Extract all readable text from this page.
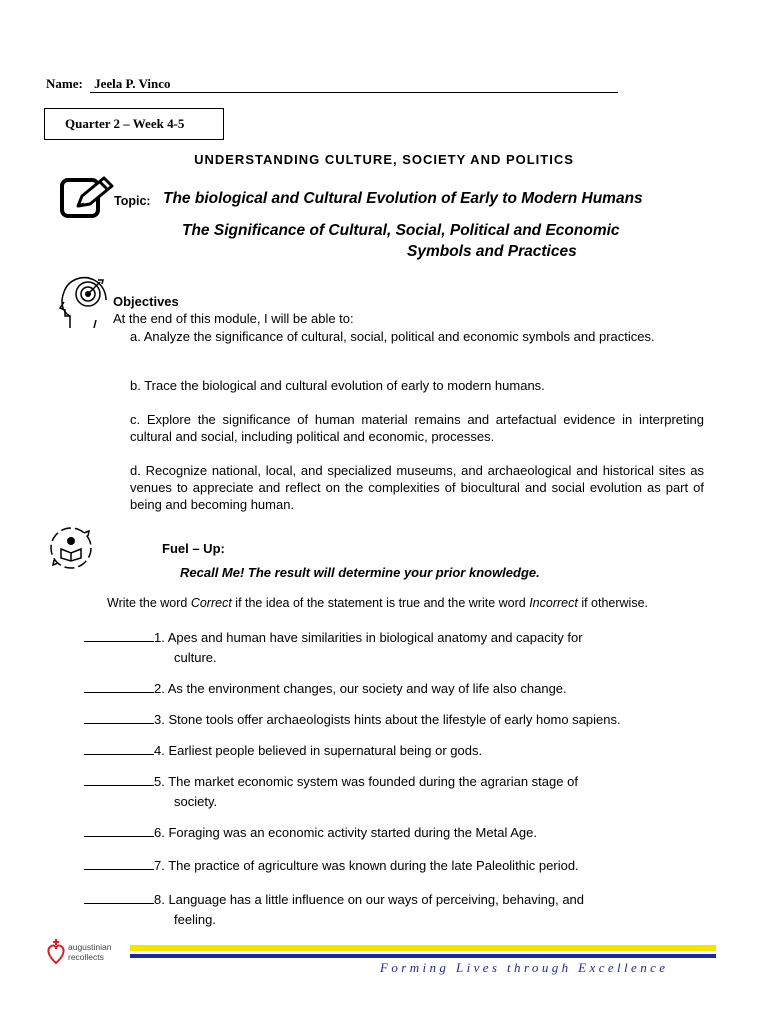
Name: Jeela P. Vinco
Quarter 2 – Week 4-5
UNDERSTANDING CULTURE, SOCIETY AND POLITICS
Topic: The biological and Cultural Evolution of Early to Modern Humans
The Significance of Cultural, Social, Political and Economic
Symbols and Practices
Objectives
At the end of this module, I will be able to:
a. Analyze the significance of cultural, social, political and economic symbols and practices.
b. Trace the biological and cultural evolution of early to modern humans.
c. Explore the significance of human material remains and artefactual evidence in interpreting cultural and social, including political and economic, processes.
d. Recognize national, local, and specialized museums, and archaeological and historical sites as venues to appreciate and reflect on the complexities of biocultural and social evolution as part of being and becoming human.
Fuel – Up:
Recall Me! The result will determine your prior knowledge.
Write the word Correct if the idea of the statement is true and the write word Incorrect if otherwise.
1. Apes and human have similarities in biological anatomy and capacity for
culture.
2. As the environment changes, our society and way of life also change.
3. Stone tools offer archaeologists hints about the lifestyle of early homo sapiens.
4. Earliest people believed in supernatural being or gods.
5. The market economic system was founded during the agrarian stage of
society.
6. Foraging was an economic activity started during the Metal Age.
7. The practice of agriculture was known during the late Paleolithic period.
8. Language has a little influence on our ways of perceiving, behaving, and
feeling.
augustinian
recollects
Forming Lives through Excellence
